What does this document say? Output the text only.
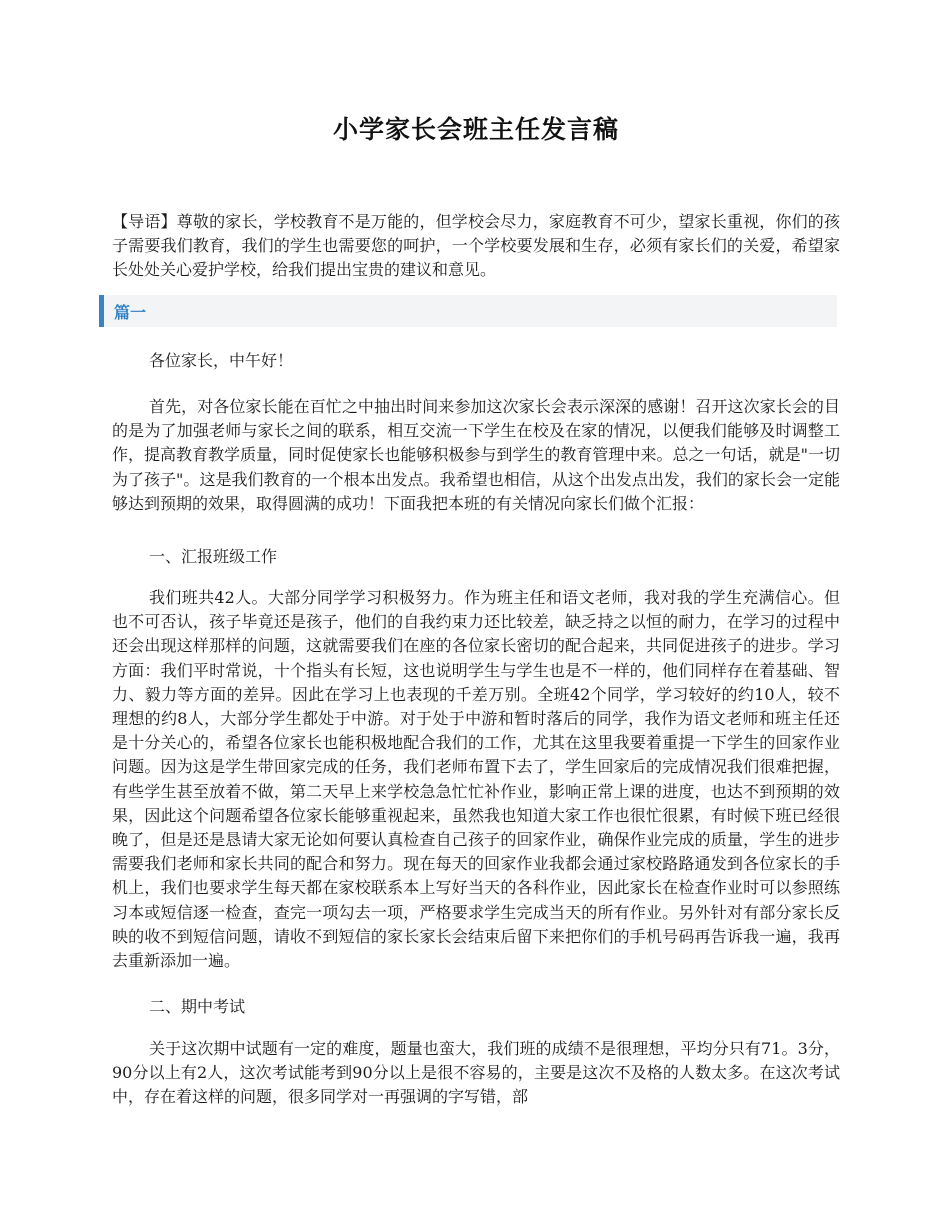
小学家长会班主任发言稿

【导语】尊敬的家长，学校教育不是万能的，但学校会尽力，家庭教育不可少，望家长重视，你们的孩子需要我们教育，我们的学生也需要您的呵护，一个学校要发展和生存，必须有家长们的关爱，希望家长处处关心爱护学校，给我们提出宝贵的建议和意见。

篇一

各位家长，中午好！

首先，对各位家长能在百忙之中抽出时间来参加这次家长会表示深深的感谢！召开这次家长会的目的是为了加强老师与家长之间的联系，相互交流一下学生在校及在家的情况，以便我们能够及时调整工作，提高教育教学质量，同时促使家长也能够积极参与到学生的教育管理中来。总之一句话，就是"一切为了孩子"。这是我们教育的一个根本出发点。我希望也相信，从这个出发点出发，我们的家长会一定能够达到预期的效果，取得圆满的成功！下面我把本班的有关情况向家长们做个汇报：

一、汇报班级工作

我们班共42人。大部分同学学习积极努力。作为班主任和语文老师，我对我的学生充满信心。但也不可否认，孩子毕竟还是孩子，他们的自我约束力还比较差，缺乏持之以恒的耐力，在学习的过程中还会出现这样那样的问题，这就需要我们在座的各位家长密切的配合起来，共同促进孩子的进步。学习方面：我们平时常说，十个指头有长短，这也说明学生与学生也是不一样的，他们同样存在着基础、智力、毅力等方面的差异。因此在学习上也表现的千差万别。全班42个同学，学习较好的约10人，较不理想的约8人，大部分学生都处于中游。对于处于中游和暂时落后的同学，我作为语文老师和班主任还是十分关心的，希望各位家长也能积极地配合我们的工作，尤其在这里我要着重提一下学生的回家作业问题。因为这是学生带回家完成的任务，我们老师布置下去了，学生回家后的完成情况我们很难把握，有些学生甚至放着不做，第二天早上来学校急急忙忙补作业，影响正常上课的进度，也达不到预期的效果，因此这个问题希望各位家长能够重视起来，虽然我也知道大家工作也很忙很累，有时候下班已经很晚了，但是还是恳请大家无论如何要认真检查自己孩子的回家作业，确保作业完成的质量，学生的进步需要我们老师和家长共同的配合和努力。现在每天的回家作业我都会通过家校路路通发到各位家长的手机上，我们也要求学生每天都在家校联系本上写好当天的各科作业，因此家长在检查作业时可以参照练习本或短信逐一检查，查完一项勾去一项，严格要求学生完成当天的所有作业。另外针对有部分家长反映的收不到短信问题，请收不到短信的家长家长会结束后留下来把你们的手机号码再告诉我一遍，我再去重新添加一遍。

二、期中考试

关于这次期中试题有一定的难度，题量也蛮大，我们班的成绩不是很理想，平均分只有71。3分，90分以上有2人，这次考试能考到90分以上是很不容易的，主要是这次不及格的人数太多。在这次考试中，存在着这样的问题，很多同学对一再强调的字写错，部
